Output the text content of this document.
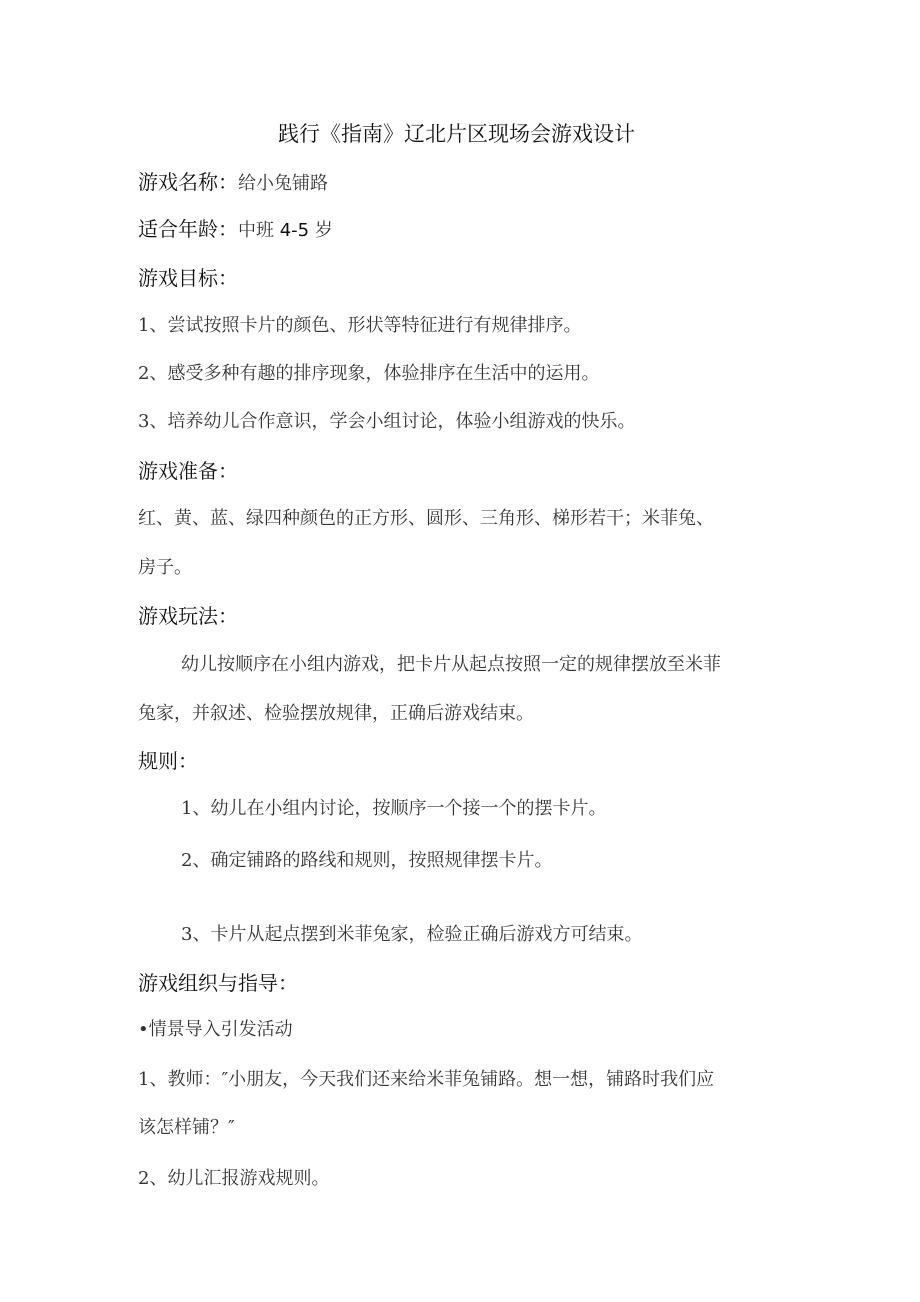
践行《指南》辽北片区现场会游戏设计
游戏名称：给小兔铺路
适合年龄：中班 4-5 岁
游戏目标：
1、尝试按照卡片的颜色、形状等特征进行有规律排序。
2、感受多种有趣的排序现象，体验排序在生活中的运用。
3、培养幼儿合作意识，学会小组讨论，体验小组游戏的快乐。
游戏准备：
红、黄、蓝、绿四种颜色的正方形、圆形、三角形、梯形若干；米菲兔、
房子。
游戏玩法：
幼儿按顺序在小组内游戏，把卡片从起点按照一定的规律摆放至米菲
兔家，并叙述、检验摆放规律，正确后游戏结束。
规则：
1、幼儿在小组内讨论，按顺序一个接一个的摆卡片。
2、确定铺路的路线和规则，按照规律摆卡片。
3、卡片从起点摆到米菲兔家，检验正确后游戏方可结束。
游戏组织与指导：
•情景导入引发活动
1、教师：″小朋友，今天我们还来给米菲兔铺路。想一想，铺路时我们应
该怎样铺？″
2、幼儿汇报游戏规则。
